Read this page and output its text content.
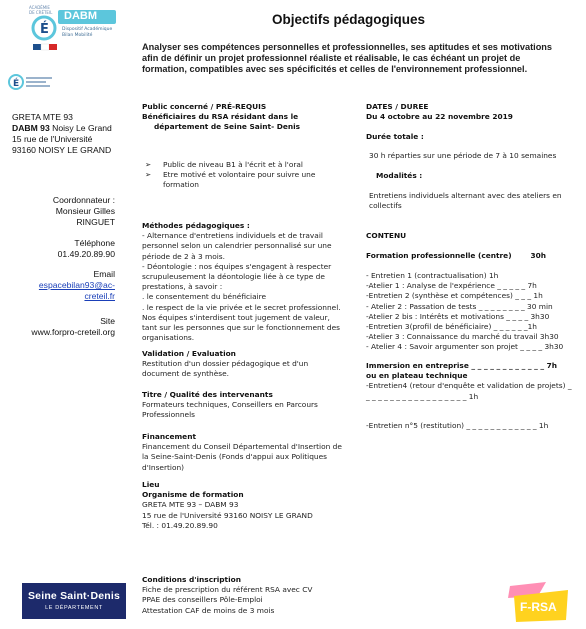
Objectifs pédagogiques
ACADÉMIE
DE CRÉTEIL
É
DABM
Dispositif Académique Bilan Mobilité
É
Analyser ses compétences personnelles et professionnelles, ses aptitudes et ses motivations afin de définir un projet professionnel réaliste et réalisable, le cas échéant un projet de formation, compatibles avec ses spécificités et celles de l'environnement professionnel.
GRETA MTE 93
DABM 93 Noisy Le Grand
15 rue de l'Université
93160 NOISY LE GRAND
Coordonnateur :
Monsieur Gilles
RINGUET
Téléphone
01.49.20.89.90
Email
espacebilan93@ac-
creteil.fr
Site
www.forpro-creteil.org
Public concerné / PRÉ-REQUIS
Bénéficiaires du RSA résidant dans le
département de Seine Saint- Denis
➢ Public de niveau B1 à l'écrit et à l'oral
➢ Etre motivé et volontaire pour suivre une formation
Méthodes pédagogiques :
- Alternance d'entretiens individuels et de travail personnel selon un calendrier personnalisé sur une période de 2 à 3 mois.
- Déontologie : nos équipes s'engagent à respecter scrupuleusement la déontologie liée à ce type de prestations, à savoir :
. le consentement du bénéficiaire
. le respect de la vie privée et le secret professionnel. Nos équipes s'interdisent tout jugement de valeur, tant sur les personnes que sur le fonctionnement des organisations.
Validation / Evaluation
Restitution d'un dossier pédagogique et d'un document de synthèse.
Titre / Qualité des intervenants
Formateurs techniques, Conseillers en Parcours Professionnels
Financement
Financement du Conseil Départemental d'Insertion de la Seine-Saint-Denis (Fonds d'appui aux Politiques d'Insertion)
Lieu
Organisme de formation
GRETA MTE 93 – DABM 93
15 rue de l'Université 93160 NOISY LE GRAND
Tél. : 01.49.20.89.90
Conditions d'inscription
Fiche de prescription du référent RSA avec CV
PPAE des conseillers Pôle-Emploi
Attestation CAF de moins de 3 mois
DATES / DUREE
Du 4 octobre au 22 novembre 2019
Durée totale :
30 h réparties sur une période de 7 à 10 semaines
Modalités :
Entretiens individuels alternant avec des ateliers en collectifs
CONTENU
Formation professionnelle (centre)	30h
- Entretien 1 (contractualisation) 1h
-Atelier 1 : Analyse de l'expérience _ _ _ _ _ 7h
-Entretien 2 (synthèse et compétences) _ _ _ 1h
- Atelier 2 : Passation de tests _ _ _ _ _ _ _ _ 30 min
-Atelier 2 bis : Intérêts et motivations _ _ _ _ 3h30
-Entretien 3(profil de bénéficiaire) _ _ _ _ _ _1h
-Atelier 3 : Connaissance du marché du travail 3h30
- Atelier 4 : Savoir argumenter son projet _ _ _ _ 3h30
Immersion en entreprise _ _ _ _ _ _ _ _ _ _ _ _ 7h
ou en plateau technique
-Entretien4 (retour d'enquête et validation de projets) _ _ _ _ _ _ _ _ _ _ _ _ _ _ _ _ _ _ 1h
-Entretien n°5 (restitution) _ _ _ _ _ _ _ _ _ _ _ _ 1h
Seine Saint·Denis
LE DÉPARTEMENT	F-RSA
